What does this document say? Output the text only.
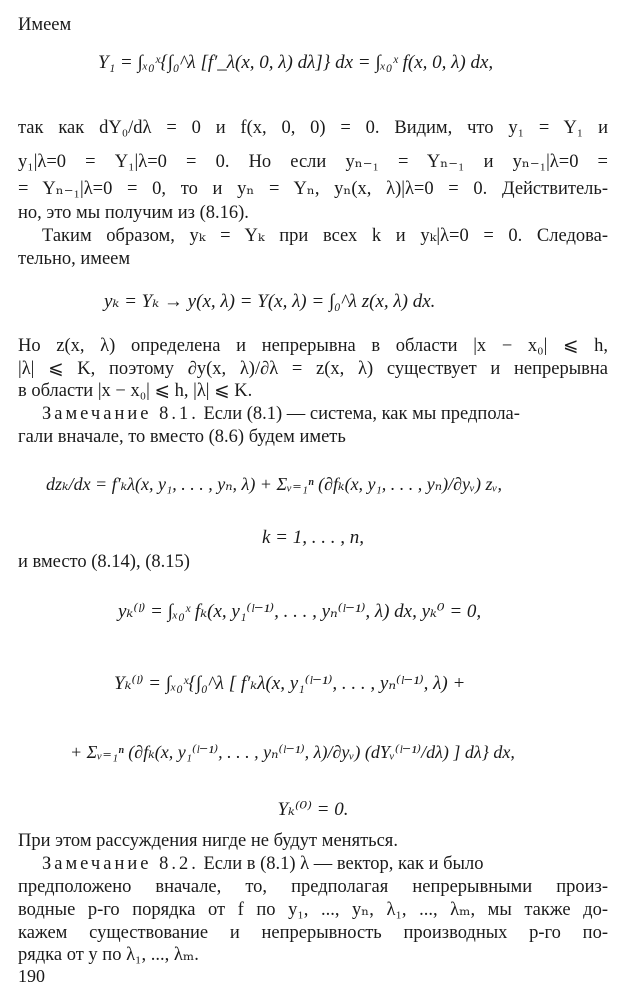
Имеем
Y₁ = ∫ₓ₀ˣ{∫₀^λ [f′_λ(x, 0, λ) dλ]} dx = ∫ₓ₀ˣ f(x, 0, λ) dx,
так как dY₀/dλ = 0 и f(x, 0, 0) = 0. Видим, что y₁ = Y₁ и
y₁|λ=0 = Y₁|λ=0 = 0. Но если yₙ₋₁ = Yₙ₋₁ и yₙ₋₁|λ=0 =
= Yₙ₋₁|λ=0 = 0, то и yₙ = Yₙ, yₙ(x, λ)|λ=0 = 0. Действитель-
но, это мы получим из (8.16).
Таким образом, yₖ = Yₖ при всех k и yₖ|λ=0 = 0. Следова-
тельно, имеем
yₖ = Yₖ → y(x, λ) = Y(x, λ) = ∫₀^λ z(x, λ) dx.
Но z(x, λ) определена и непрерывна в области |x − x₀| ⩽ h,
|λ| ⩽ K, поэтому ∂y(x, λ)/∂λ = z(x, λ) существует и непрерывна
в области |x − x₀| ⩽ h, |λ| ⩽ K.
Замечание 8.1. Если (8.1) — система, как мы предпола-
гали вначале, то вместо (8.6) будем иметь
dzₖ/dx = f′ₖλ(x, y₁, . . . , yₙ, λ) + Σᵥ₌₁ⁿ (∂fₖ(x, y₁, . . . , yₙ)/∂yᵥ) zᵥ,
k = 1, . . . , n,
и вместо (8.14), (8.15)
yₖ⁽ˡ⁾ = ∫ₓ₀ˣ fₖ(x, y₁⁽ˡ⁻¹⁾, . . . , yₙ⁽ˡ⁻¹⁾, λ) dx, yₖ⁰ = 0,
Yₖ⁽ˡ⁾ = ∫ₓ₀ˣ{∫₀^λ [ f′ₖλ(x, y₁⁽ˡ⁻¹⁾, . . . , yₙ⁽ˡ⁻¹⁾, λ) +
+ Σᵥ₌₁ⁿ (∂fₖ(x, y₁⁽ˡ⁻¹⁾, . . . , yₙ⁽ˡ⁻¹⁾, λ)/∂yᵥ) (dYᵥ⁽ˡ⁻¹⁾/dλ) ] dλ} dx,
Yₖ⁽⁰⁾ = 0.
При этом рассуждения нигде не будут меняться.
Замечание 8.2. Если в (8.1) λ — вектор, как и было
предположено вначале, то, предполагая непрерывными произ-
водные p-го порядка от f по y₁, ..., yₙ, λ₁, ..., λₘ, мы также до-
кажем существование и непрерывность производных p-го по-
рядка от y по λ₁, ..., λₘ.
190
